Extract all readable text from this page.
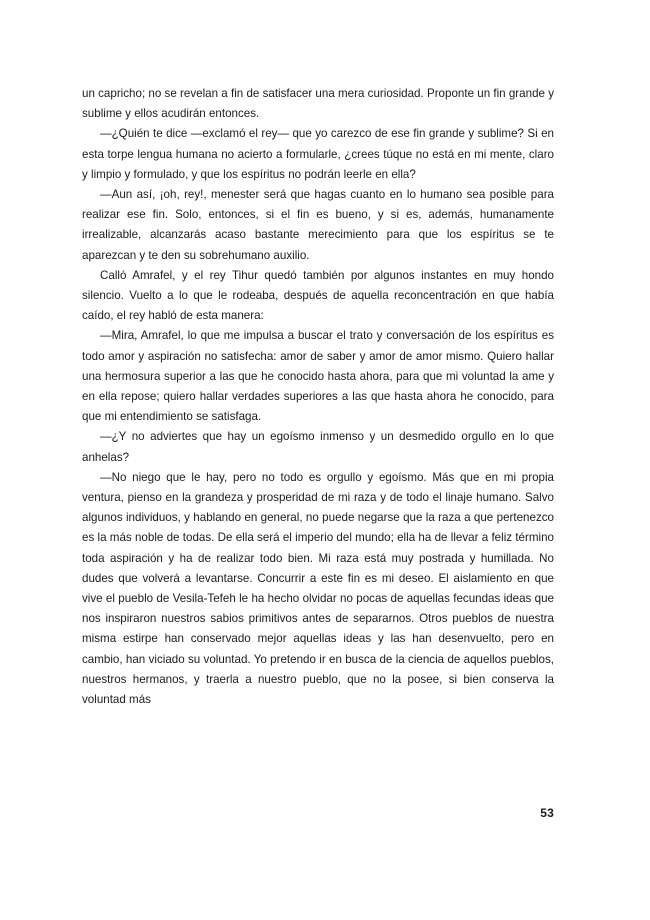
un capricho; no se revelan a fin de satisfacer una mera curiosidad. Proponte un fin grande y sublime y ellos acudirán entonces.

—¿Quién te dice —exclamó el rey— que yo carezco de ese fin grande y sublime? Si en esta torpe lengua humana no acierto a formularle, ¿crees túque no está en mi mente, claro y limpio y formulado, y que los espíritus no podrán leerle en ella?

—Aun así, ¡oh, rey!, menester será que hagas cuanto en lo humano sea posible para realizar ese fin. Solo, entonces, si el fin es bueno, y si es, además, humanamente irrealizable, alcanzarás acaso bastante merecimiento para que los espíritus se te aparezcan y te den su sobrehumano auxilio.

Calló Amrafel, y el rey Tihur quedó también por algunos instantes en muy hondo silencio. Vuelto a lo que le rodeaba, después de aquella reconcentración en que había caído, el rey habló de esta manera:

—Mira, Amrafel, lo que me impulsa a buscar el trato y conversación de los espíritus es todo amor y aspiración no satisfecha: amor de saber y amor de amor mismo. Quiero hallar una hermosura superior a las que he conocido hasta ahora, para que mi voluntad la ame y en ella repose; quiero hallar verdades superiores a las que hasta ahora he conocido, para que mi entendimiento se satisfaga.

—¿Y no adviertes que hay un egoísmo inmenso y un desmedido orgullo en lo que anhelas?

—No niego que le hay, pero no todo es orgullo y egoísmo. Más que en mi propia ventura, pienso en la grandeza y prosperidad de mi raza y de todo el linaje humano. Salvo algunos individuos, y hablando en general, no puede negarse que la raza a que pertenezco es la más noble de todas. De ella será el imperio del mundo; ella ha de llevar a feliz término toda aspiración y ha de realizar todo bien. Mi raza está muy postrada y humillada. No dudes que volverá a levantarse. Concurrir a este fin es mi deseo. El aislamiento en que vive el pueblo de Vesila-Tefeh le ha hecho olvidar no pocas de aquellas fecundas ideas que nos inspiraron nuestros sabios primitivos antes de separarnos. Otros pueblos de nuestra misma estirpe han conservado mejor aquellas ideas y las han desenvuelto, pero en cambio, han viciado su voluntad. Yo pretendo ir en busca de la ciencia de aquellos pueblos, nuestros hermanos, y traerla a nuestro pueblo, que no la posee, si bien conserva la voluntad más

53
